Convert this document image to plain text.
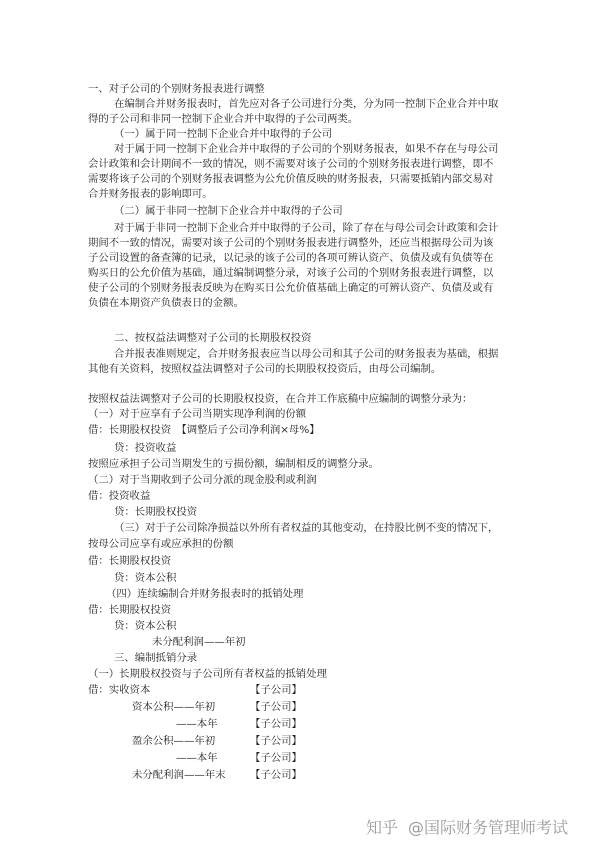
一、对子公司的个别财务报表进行调整

在编制合并财务报表时，首先应对各子公司进行分类，分为同一控制下企业合并中取

得的子公司和非同一控制下企业合并中取得的子公司两类。

（一）属于同一控制下企业合并中取得的子公司

对于属于同一控制下企业合并中取得的子公司的个别财务报表，如果不存在与母公司

会计政策和会计期间不一致的情况，则不需要对该子公司的个别财务报表进行调整，即不

需要将该子公司的个别财务报表调整为公允价值反映的财务报表，只需要抵销内部交易对

合并财务报表的影响即可。

（二）属于非同一控制下企业合并中取得的子公司

对于属于非同一控制下企业合并中取得的子公司，除了存在与母公司会计政策和会计

期间不一致的情况，需要对该子公司的个别财务报表进行调整外，还应当根据母公司为该

子公司设置的备查簿的记录，以记录的该子公司的各项可辨认资产、负债及或有负债等在

购买日的公允价值为基础，通过编制调整分录，对该子公司的个别财务报表进行调整，以

使子公司的个别财务报表反映为在购买日公允价值基础上确定的可辨认资产、负债及或有

负债在本期资产负债表日的金额。

二、按权益法调整对子公司的长期股权投资

合并报表准则规定，合并财务报表应当以母公司和其子公司的财务报表为基础，根据

其他有关资料，按照权益法调整对子公司的长期股权投资后，由母公司编制。

按照权益法调整对子公司的长期股权投资，在合并工作底稿中应编制的调整分录为：

（一）对于应享有子公司当期实现净利润的份额

借：长期股权投资　【调整后子公司净利润×母%】

贷：投资收益

按照应承担子公司当期发生的亏损份额，编制相反的调整分录。

（二）对于当期收到子公司分派的现金股利或利润

借：投资收益

贷：长期股权投资

（三）对于子公司除净损益以外所有者权益的其他变动，在持股比例不变的情况下，

按母公司应享有或应承担的份额

借：长期股权投资

贷：资本公积

（四）连续编制合并财务报表时的抵销处理

借：长期股权投资

贷：资本公积

未分配利润——年初

三、编制抵销分录

（一）长期股权投资与子公司所有者权益的抵销处理

借：实收资本	【子公司】

资本公积——年初	【子公司】

——本年	【子公司】

盈余公积——年初	【子公司】

——本年	【子公司】

未分配利润——年末 【子公司】

知乎 @国际财务管理师考试
